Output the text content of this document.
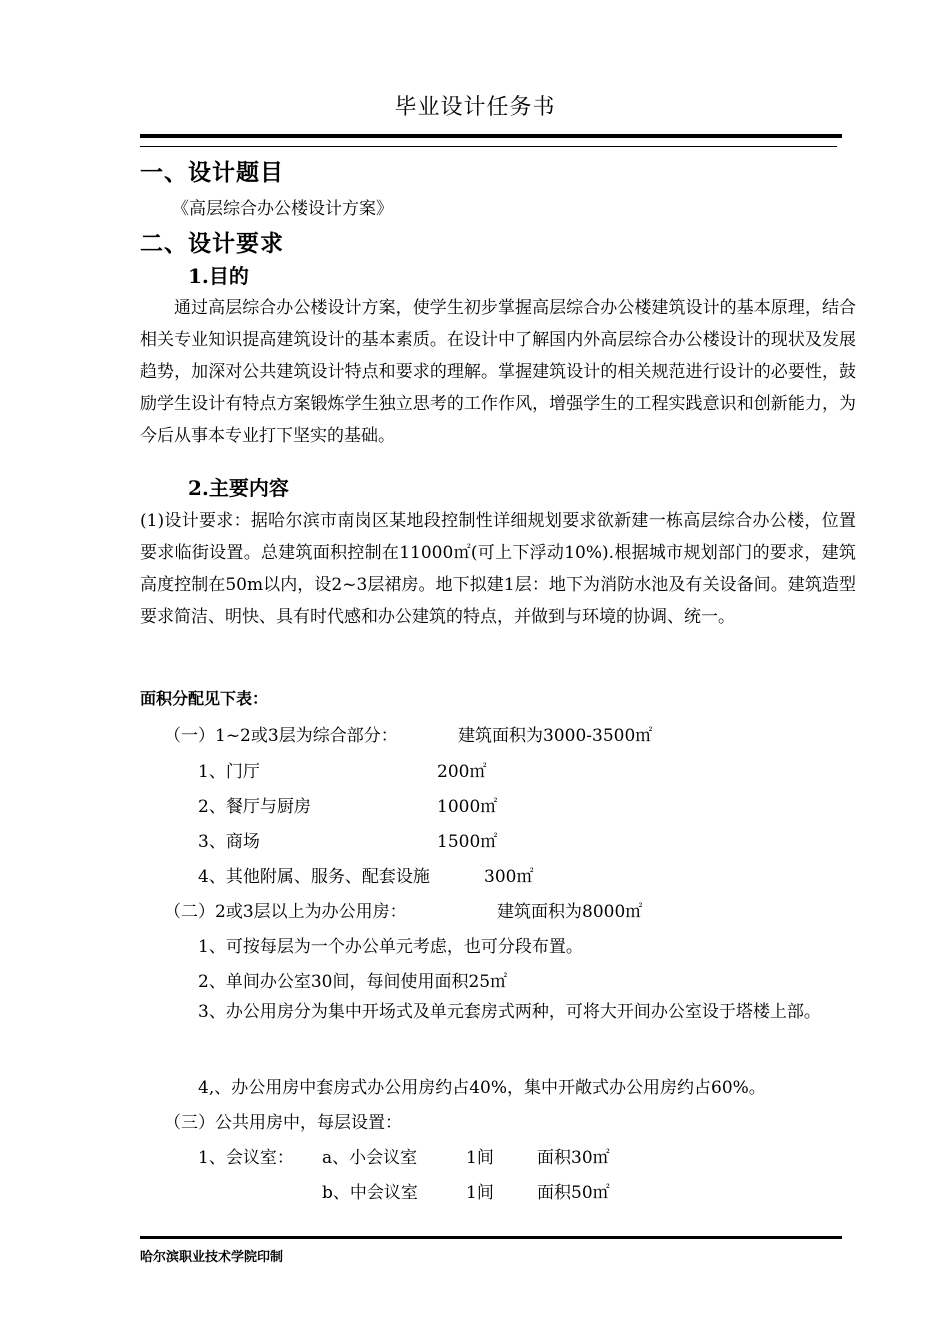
毕业设计任务书
一、设计题目
《高层综合办公楼设计方案》
二、设计要求
1.目的

通过高层综合办公楼设计方案，使学生初步掌握高层综合办公楼建筑设计的基本原理，结合相关专业知识提高建筑设计的基本素质。在设计中了解国内外高层综合办公楼设计的现状及发展趋势，加深对公共建筑设计特点和要求的理解。掌握建筑设计的相关规范进行设计的必要性，鼓励学生设计有特点方案锻炼学生独立思考的工作作风，增强学生的工程实践意识和创新能力，为今后从事本专业打下坚实的基础。

2.主要内容

(1)设计要求：据哈尔滨市南岗区某地段控制性详细规划要求欲新建一栋高层综合办公楼，位置要求临街设置。总建筑面积控制在11000㎡(可上下浮动10%).根据城市规划部门的要求，建筑高度控制在50m以内，设2~3层裙房。地下拟建1层：地下为消防水池及有关设备间。建筑造型要求简洁、明快、具有时代感和办公建筑的特点，并做到与环境的协调、统一。

面积分配见下表：
（一）1~2或3层为综合部分：	建筑面积为3000-3500㎡
1、门厅	200㎡
2、餐厅与厨房	1000㎡
3、商场	1500㎡
4、其他附属、服务、配套设施	300㎡
（二）2或3层以上为办公用房：	建筑面积为8000㎡
1、可按每层为一个办公单元考虑，也可分段布置。
2、单间办公室30间，每间使用面积25㎡

3、办公用房分为集中开场式及单元套房式两种，可将大开间办公室设于塔楼上部。

4,、办公用房中套房式办公用房约占40%，集中开敞式办公用房约占60%。
（三）公共用房中，每层设置：
1、会议室： a、小会议室	1间	面积30㎡
b、中会议室	1间	面积50㎡
哈尔滨职业技术学院印制
